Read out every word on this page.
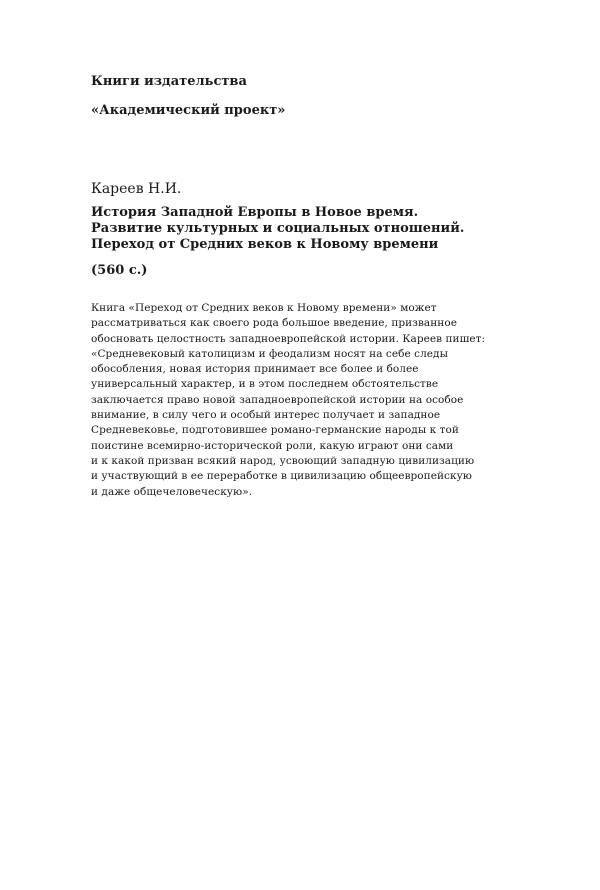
Книги издательства
«Академический проект»
Кареев Н.И.
История Западной Европы в Новое время.
Развитие культурных и социальных отношений.
Переход от Средних веков к Новому времени
(560 с.)
Книга «Переход от Средних веков к Новому времени» может
рассматриваться как своего рода большое введение, призванное
обосновать целостность западноевропейской истории. Кареев пишет:
«Средневековый католицизм и феодализм носят на себе следы
обособления, новая история принимает все более и более
универсальный характер, и в этом последнем обстоятельстве
заключается право новой западноевропейской истории на особое
внимание, в силу чего и особый интерес получает и западное
Средневековье, подготовившее романо-германские народы к той
поистине всемирно-исторической роли, какую играют они сами
и к какой призван всякий народ, усвоющий западную цивилизацию
и участвующий в ее переработке в цивилизацию общеевропейскую
и даже общечеловеческую».
